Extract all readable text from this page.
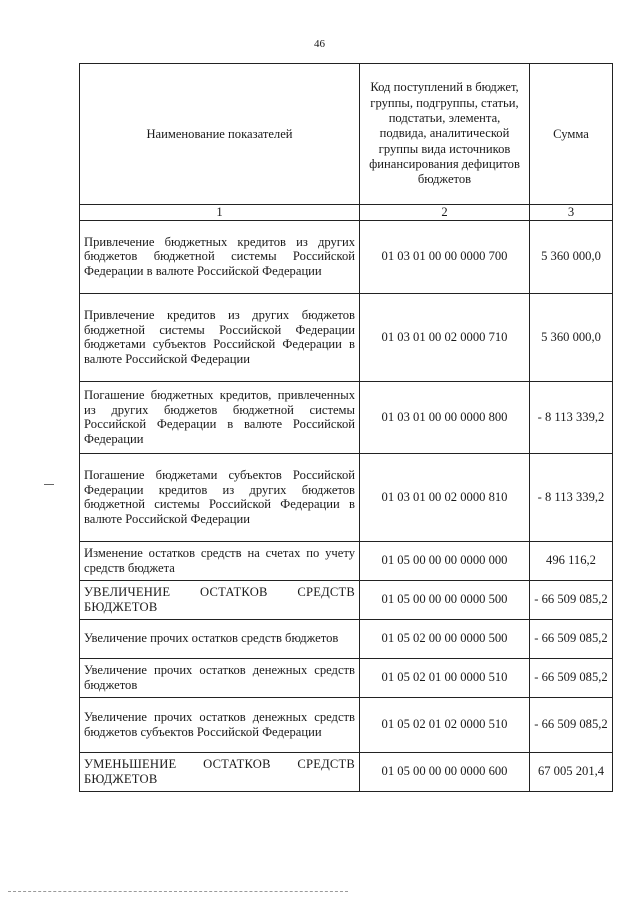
46
Наименование показателей	Код поступлений в бюджет, группы, подгруппы, статьи, подстатьи, элемента, подвида, аналитической группы вида источников финансирования дефицитов бюджетов	Сумма
1	2	3
Привлечение бюджетных кредитов из других бюджетов бюджетной системы Российской Федерации в валюте Российской Федерации	01 03 01 00 00 0000 700	5 360 000,0
Привлечение кредитов из других бюджетов бюджетной системы Российской Федерации бюджетами субъектов Российской Федерации в валюте Российской Федерации	01 03 01 00 02 0000 710	5 360 000,0
Погашение бюджетных кредитов, привлеченных из других бюджетов бюджетной системы Российской Федерации в валюте Российской Федерации	01 03 01 00 00 0000 800	- 8 113 339,2
Погашение бюджетами субъектов Российской Федерации кредитов из других бюджетов бюджетной системы Российской Федерации в валюте Российской Федерации	01 03 01 00 02 0000 810	- 8 113 339,2
Изменение остатков средств на счетах по учету средств бюджета	01 05 00 00 00 0000 000	496 116,2
УВЕЛИЧЕНИЕ ОСТАТКОВ СРЕДСТВ БЮДЖЕТОВ	01 05 00 00 00 0000 500	- 66 509 085,2
Увеличение прочих остатков средств бюджетов	01 05 02 00 00 0000 500	- 66 509 085,2
Увеличение прочих остатков денежных средств бюджетов	01 05 02 01 00 0000 510	- 66 509 085,2
Увеличение прочих остатков денежных средств бюджетов субъектов Российской Федерации	01 05 02 01 02 0000 510	- 66 509 085,2
УМЕНЬШЕНИЕ ОСТАТКОВ СРЕДСТВ БЮДЖЕТОВ	01 05 00 00 00 0000 600	67 005 201,4
